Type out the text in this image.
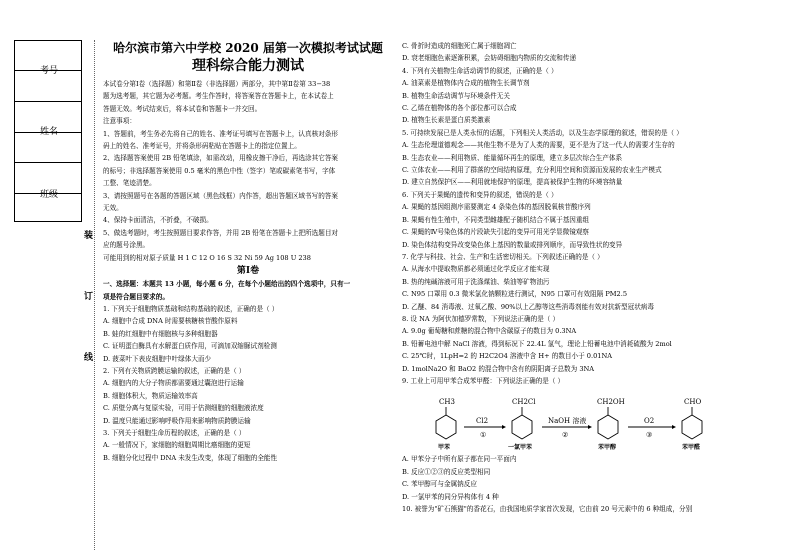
考号
姓名
班级
装
订
线
哈尔滨市第六中学校 2020 届第一次模拟考试试题
理科综合能力测试

本试卷分第Ⅰ卷（选择题）和第Ⅱ卷（非选择题）两部分，其中第Ⅱ卷第 33−38

题为选考题，其它题为必考题。考生作答时，将答案答在答题卡上，在本试卷上

答题无效。考试结束后，将本试卷和答题卡一并交回。

注意事项：

1、答题前，考生务必先将自己的姓名、准考证号填写在答题卡上，认真核对条形

码上的姓名、准考证号，并将条形码粘贴在答题卡上的指定位置上。

2、选择题答案使用 2B 铅笔填涂，如需改动，用橡皮擦干净后，再选涂其它答案

的标号；非选择题答案使用 0.5 毫米的黑色中性（签字）笔或碳素笔书写，字体

工整、笔迹清楚。

3、请按照题号在各题的答题区域（黑色线框）内作答，超出答题区域书写的答案

无效。

4、保持卡面清洁，不折叠，不破损。

5、做选考题时，考生按照题目要求作答，并用 2B 铅笔在答题卡上把所选题目对

应的题号涂黑。

可能用到的相对原子质量 H 1 C 12 O 16 S 32 Ni 59 Ag 108 U 238

第Ⅰ卷

一、选择题：本题共 13 小题，每小题 6 分，在每个小题给出的四个选项中，只有一

项是符合题目要求的。

1. 下列关于细胞物质基础和结构基础的叙述，正确的是（ ）

A. 细胞中合成 DNA 时需要核糖核苷酸作原料

B. 蛙的红细胞中有细胞核与多种细胞器

C. 证明蛋白酶具有水解蛋白质作用，可滴加双缩脲试剂检测

D. 菠菜叶下表皮细胞中叶绿体大而少

2. 下列有关物质跨膜运输的叙述，正确的是（ ）

A. 细胞内的大分子物质都需要通过囊泡进行运输

B. 细胞体积大，物质运输效率高

C. 质壁分离与复原实验，可用于估测细胞的细胞液浓度

D. 温度只能通过影响呼吸作用来影响物质跨膜运输

3. 下列关于细胞生命历程的叙述，正确的是（ ）

A. 一般情况下，家细胞的细胞周期比癌细胞的更短

B. 细胞分化过程中 DNA 未发生改变，体现了细胞的全能性

C. 骨折时造成的细胞死亡属于细胞凋亡

D. 衰老细胞色素逐渐积累，会妨碍细胞内物质的交流和传递

4. 下列有关植物生命活动调节的叙述，正确的是（ ）

A. 油菜素是植物体内合成的植物生长调节剂

B. 植物生命活动调节与环境条件无关

C. 乙烯在植物体的各个部位都可以合成

D. 植物生长素是蛋白质类激素

5. 可持续发展已是人类永恒的话题，下列相关人类活动，以及生态学原理的叙述，错误的是（ ）

A. 生态伦理道德观念——其他生物不是为了人类的需要，更不是为了这一代人的需要才生存的

B. 生态农业——利用物质、能量循环再生的原理，建立多层次综合生产体系

C. 立体农业——利用了群落的空间结构原理，充分利用空间和资源而发展的农业生产模式

D. 建立自然保护区——利用就地保护的原理，提高被保护生物的环境容纳量

6. 下列关于果蝇的遗传和变异的叙述，错误的是（ ）

A. 果蝇的基因组测序需要测定 4 条染色体的基因脱氧核苷酸序列

B. 果蝇有性生殖中，不同类型雌雄配子随机结合不属于基因重组

C. 果蝇的Ⅳ号染色体的片段缺失引起的变异可用光学显微镜观察

D. 染色体结构变异改变染色体上基因的数量或排列顺序，而导致性状的变异

7. 化学与科技、社会、生产和生活密切相关。下列叙述正确的是（ ）

A. 从海水中提取物质都必须通过化学反应才能实现

B. 热的纯碱溶液可用于洗涤煤油、柴油等矿物油污

C. N95 口罩用 0.3 微米氯化钠颗粒进行测试，N95 口罩可有效阻隔 PM2.5

D. 乙醚、84 消毒液、过氧乙酸、90%以上乙醇等这些消毒剂能有效对抗新型冠状病毒

8. 设 NA 为阿伏加德罗常数，下列说法正确的是（ ）

A. 9.0g 葡萄糖和蔗糖的混合物中含碳原子的数目为 0.3NA

B. 铅蓄电池中解 NaCl 溶液，得到标况下 22.4L 氢气，理论上铅蓄电池中消耗硫酸为 2mol

C. 25℃时，1LpH=2 的 H2C2O4 溶液中含 H+ 的数目小于 0.01NA

D. 1molNa2O 和 BaO2 的混合物中含有的阴阳离子总数为 3NA

9. 工业上可用甲苯合成苯甲醛：下列说法正确的是（ ）

CH3	CH2Cl	CH2OH	CHO
Cl2	NaOH 溶液	O2
①	②	③
甲苯	一氯甲苯	苯甲醇	苯甲醛

A. 甲苯分子中所有原子都在同一平面内

B. 反应①②③的反应类型相同

C. 苯甲醇可与金属钠反应

D. 一氯甲苯的同分异构体有 4 种

10. 被誉为"矿石熊猫"的香花石，由我国地质学家首次发现，它由前 20 号元素中的 6 种组成，分别
